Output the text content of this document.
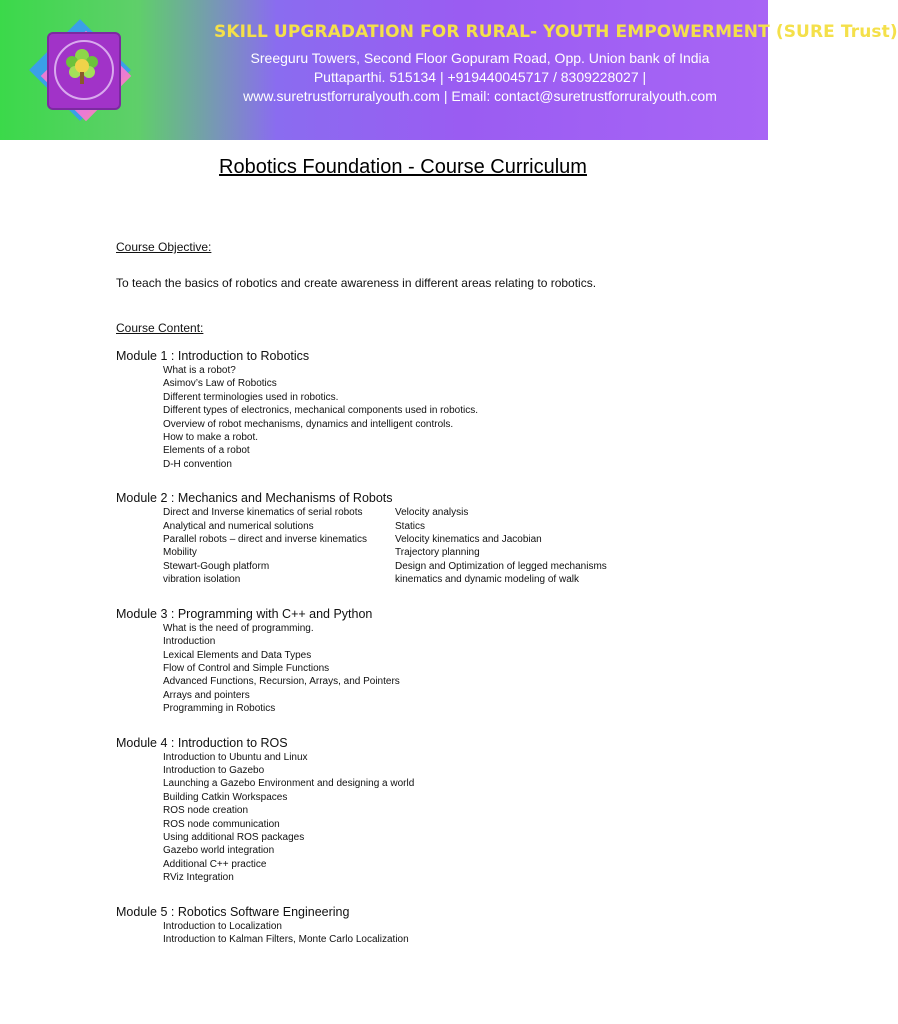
SKILL UPGRADATION FOR RURAL- YOUTH EMPOWERMENT (SURE Trust)
Sreeguru Towers, Second Floor Gopuram Road, Opp. Union bank of India
Puttaparthi. 515134 | +919440045717 / 8309228027 |
www.suretrustforruralyouth.com | Email: contact@suretrustforruralyouth.com
Robotics Foundation - Course Curriculum
Course Objective:
To teach the basics of robotics and create awareness in different areas relating to robotics.
Course Content:
Module 1 : Introduction to Robotics
What is a robot?
Asimov’s Law of Robotics
Different terminologies used in robotics.
Different types of electronics, mechanical components used in robotics.
Overview of robot mechanisms, dynamics and intelligent controls.
How to make a robot.
Elements of a robot
D-H convention
Module 2 : Mechanics and Mechanisms of Robots
Direct and Inverse kinematics of serial robots	Velocity analysis
Analytical and numerical solutions	Statics
Parallel robots – direct and inverse kinematics	Velocity kinematics and Jacobian
Mobility	Trajectory planning
Stewart-Gough platform	Design and Optimization of legged mechanisms
vibration isolation	kinematics and dynamic modeling of walk
Module 3 : Programming with C++ and Python
What is the need of programming.
Introduction
Lexical Elements and Data Types
Flow of Control and Simple Functions
Advanced Functions, Recursion, Arrays, and Pointers
Arrays and pointers
Programming in Robotics
Module 4 : Introduction to ROS
Introduction to Ubuntu and Linux
Introduction to Gazebo
Launching a Gazebo Environment and designing a world
Building Catkin Workspaces
ROS node creation
ROS node communication
Using additional ROS packages
Gazebo world integration
Additional C++ practice
RViz Integration
Module 5 : Robotics Software Engineering
Introduction to Localization
Introduction to Kalman Filters, Monte Carlo Localization
